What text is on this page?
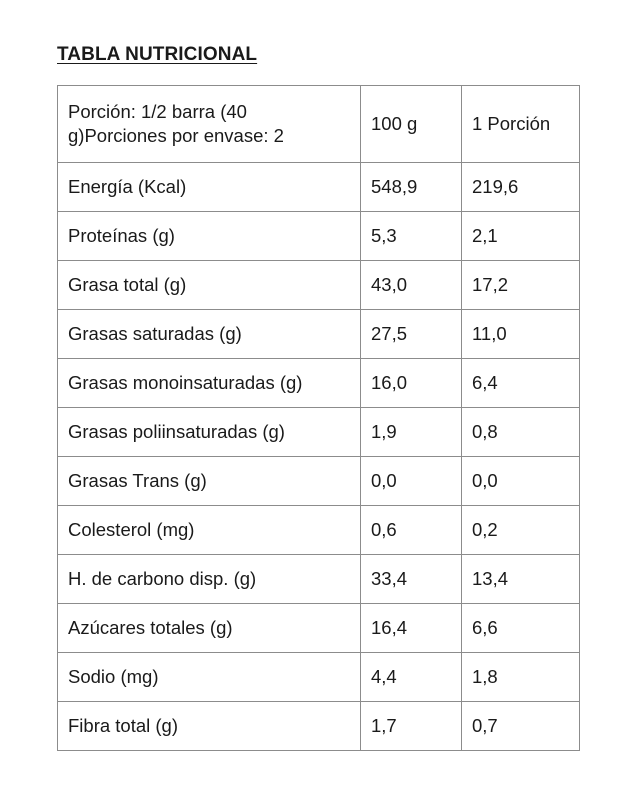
TABLA NUTRICIONAL
Porción: 1/2 barra (40 g)Porciones por envase: 2	100 g	1 Porción
Energía (Kcal)	548,9	219,6
Proteínas (g)	5,3	2,1
Grasa total (g)	43,0	17,2
Grasas saturadas (g)	27,5	11,0
Grasas monoinsaturadas (g)	16,0	6,4
Grasas poliinsaturadas (g)	1,9	0,8
Grasas Trans (g)	0,0	0,0
Colesterol (mg)	0,6	0,2
H. de carbono disp. (g)	33,4	13,4
Azúcares totales (g)	16,4	6,6
Sodio (mg)	4,4	1,8
Fibra total (g)	1,7	0,7
